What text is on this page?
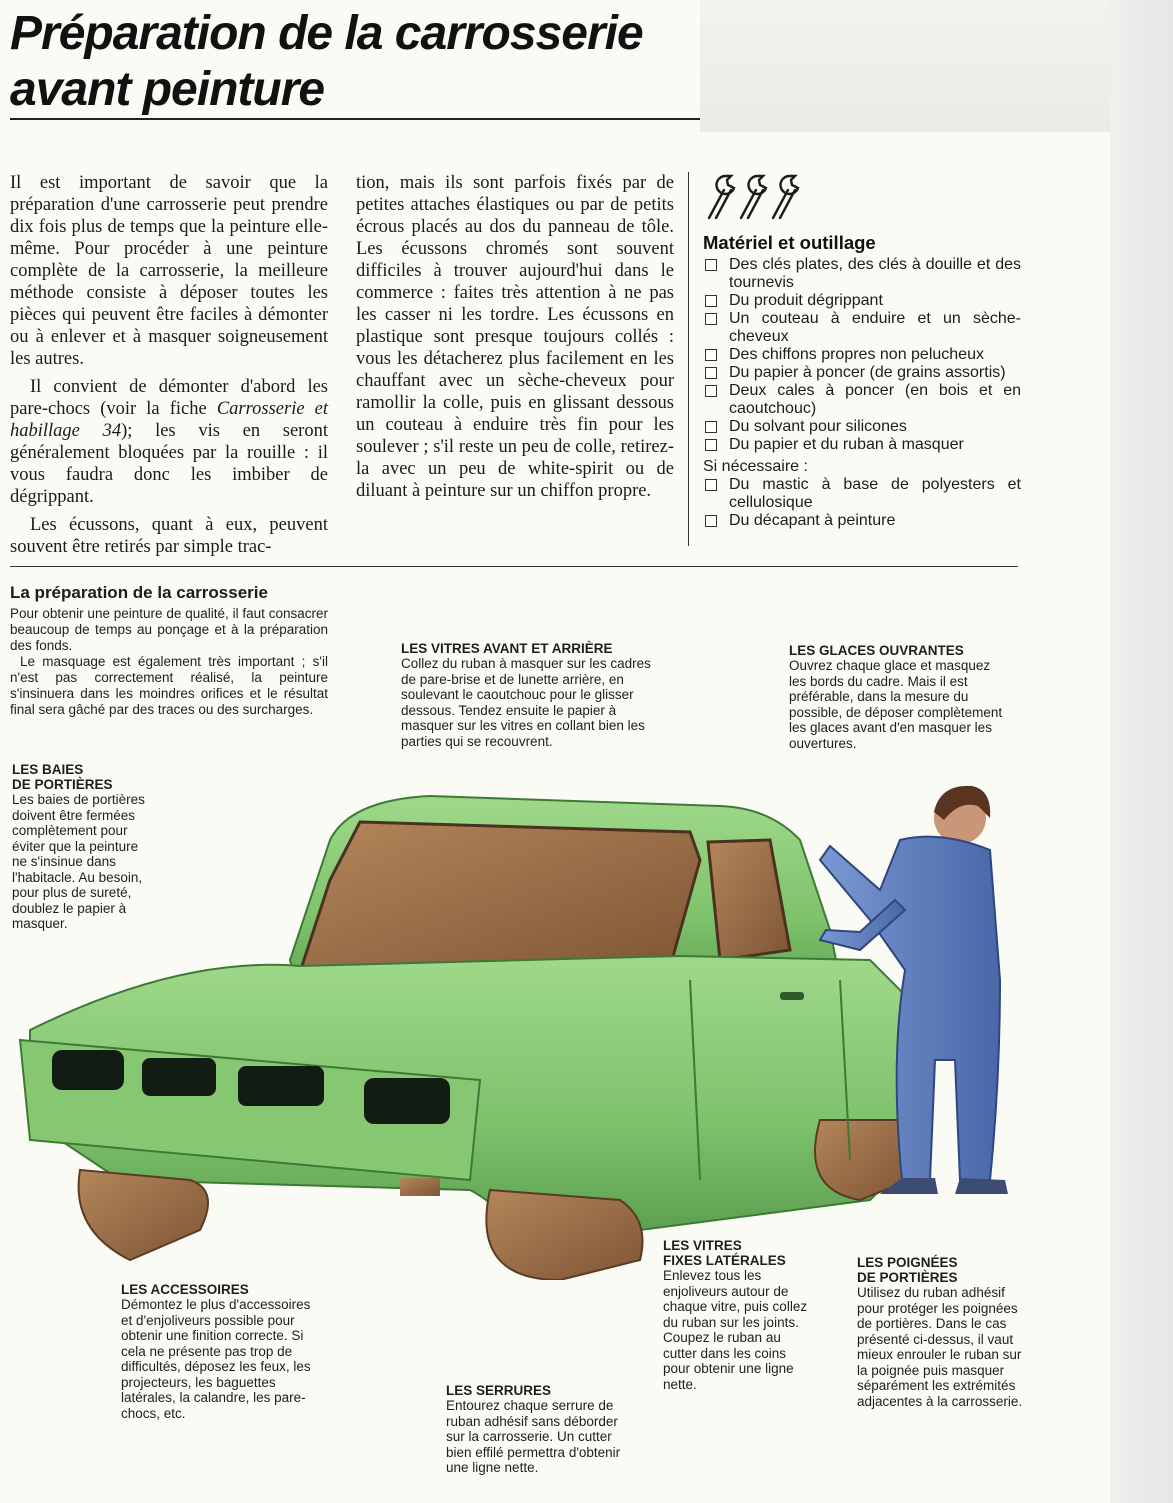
Préparation de la carrosserie
avant peinture

Il est important de savoir que la préparation d'une carrosserie peut prendre dix fois plus de temps que la peinture elle-même. Pour procéder à une peinture complète de la carrosserie, la meilleure méthode consiste à déposer toutes les pièces qui peuvent être faciles à démonter ou à enlever et à masquer soigneusement les autres.

Il convient de démonter d'abord les pare-chocs (voir la fiche Carrosserie et habillage 34); les vis en seront généralement bloquées par la rouille : il vous faudra donc les imbiber de dégrippant.

Les écussons, quant à eux, peuvent souvent être retirés par simple trac-

tion, mais ils sont parfois fixés par de petites attaches élastiques ou par de petits écrous placés au dos du panneau de tôle. Les écussons chromés sont souvent difficiles à trouver aujourd'hui dans le commerce : faites très attention à ne pas les casser ni les tordre. Les écussons en plastique sont presque toujours collés : vous les détacherez plus facilement en les chauffant avec un sèche-cheveux pour ramollir la colle, puis en glissant dessous un couteau à enduire très fin pour les soulever ; s'il reste un peu de colle, retirez-la avec un peu de white-spirit ou de diluant à peinture sur un chiffon propre.

Matériel et outillage
Des clés plates, des clés à douille et des tournevis
Du produit dégrippant
Un couteau à enduire et un sèche-cheveux
Des chiffons propres non pelucheux
Du papier à poncer (de grains assortis)
Deux cales à poncer (en bois et en caoutchouc)
Du solvant pour silicones
Du papier et du ruban à masquer

Si nécessaire :

Du mastic à base de polyesters et cellulosique
Du décapant à peinture
La préparation de la carrosserie

Pour obtenir une peinture de qualité, il faut consacrer beaucoup de temps au ponçage et à la préparation des fonds.

Le masquage est également très important ; s'il n'est pas correctement réalisé, la peinture s'insinuera dans les moindres orifices et le résultat final sera gâché par des traces ou des surcharges.

LES VITRES AVANT ET ARRIÈRE

Collez du ruban à masquer sur les cadres de pare-brise et de lunette arrière, en soulevant le caoutchouc pour le glisser dessous. Tendez ensuite le papier à masquer sur les vitres en collant bien les parties qui se recouvrent.

LES GLACES OUVRANTES

Ouvrez chaque glace et masquez les bords du cadre. Mais il est préférable, dans la mesure du possible, de déposer complètement les glaces avant d'en masquer les ouvertures.

LES BAIES
DE PORTIÈRES

Les baies de portières doivent être fermées complètement pour éviter que la peinture ne s'insinue dans l'habitacle. Au besoin, pour plus de sureté, doublez le papier à masquer.

LES ACCESSOIRES

Démontez le plus d'accessoires et d'enjoliveurs possible pour obtenir une finition correcte. Si cela ne présente pas trop de difficultés, déposez les feux, les projecteurs, les baguettes latérales, la calandre, les pare-chocs, etc.

LES SERRURES

Entourez chaque serrure de ruban adhésif sans déborder sur la carrosserie. Un cutter bien effilé permettra d'obtenir une ligne nette.

LES VITRES
FIXES LATÉRALES

Enlevez tous les enjoliveurs autour de chaque vitre, puis collez du ruban sur les joints. Coupez le ruban au cutter dans les coins pour obtenir une ligne nette.

LES POIGNÉES
DE PORTIÈRES

Utilisez du ruban adhésif pour protéger les poignées de portières. Dans le cas présenté ci-dessus, il vaut mieux enrouler le ruban sur la poignée puis masquer séparément les extrémités adjacentes à la carrosserie.
